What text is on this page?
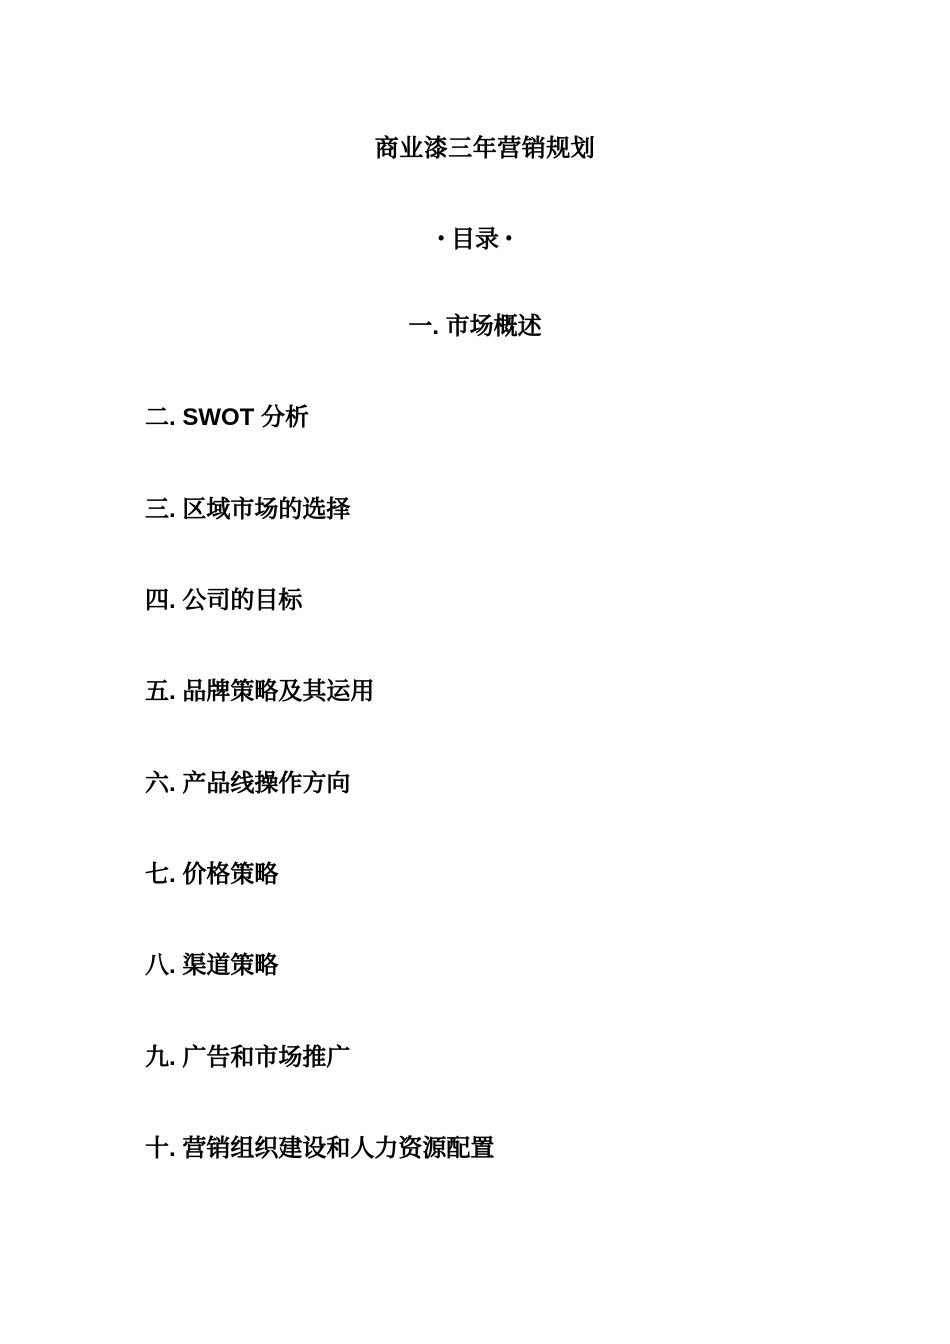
商业漆三年营销规划
• 目录 •
一. 市场概述
二. SWOT 分析
三. 区域市场的选择
四. 公司的目标
五. 品牌策略及其运用
六. 产品线操作方向
七. 价格策略
八. 渠道策略
九. 广告和市场推广
十. 营销组织建设和人力资源配置
